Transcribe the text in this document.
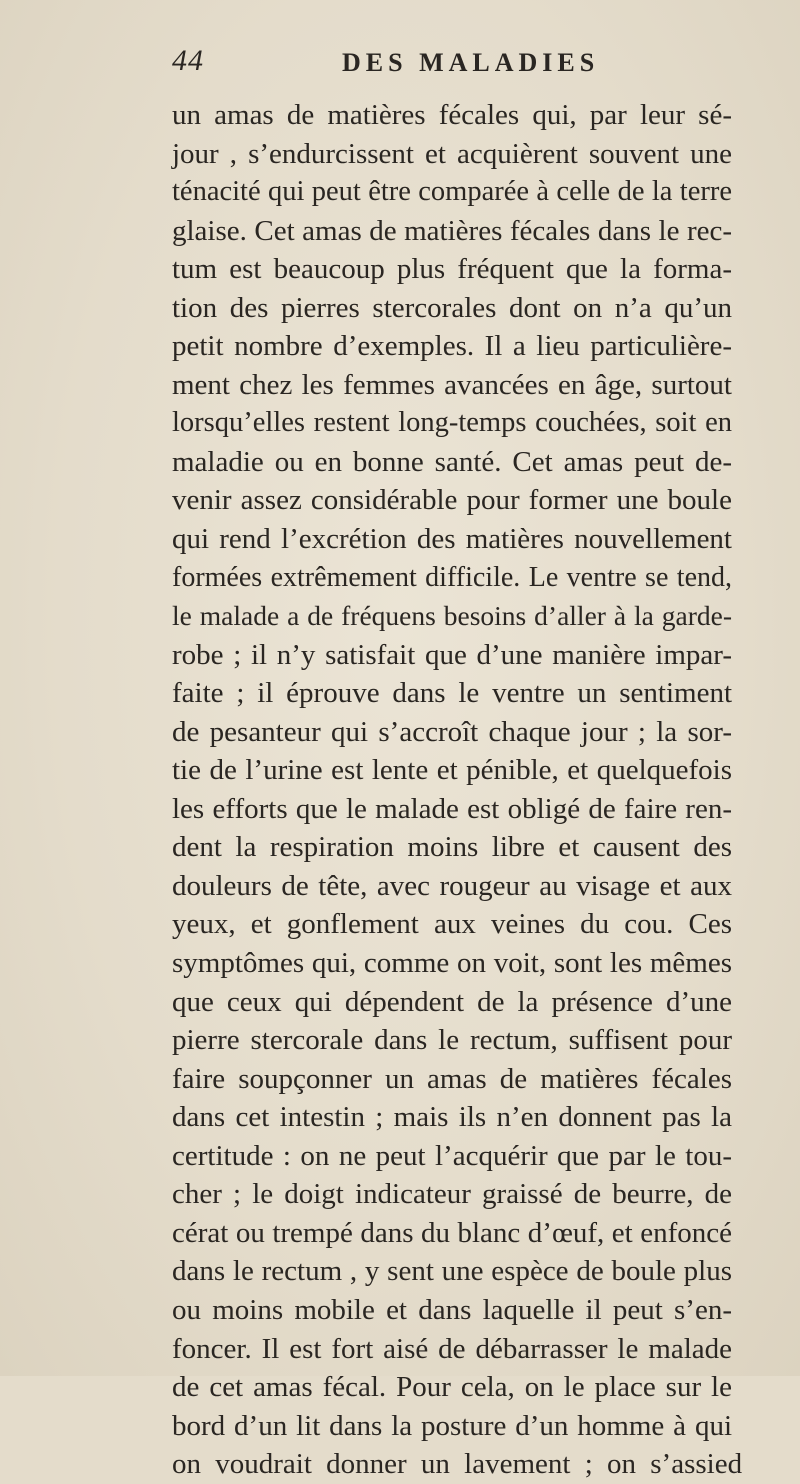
44	DES MALADIES
un amas de matières fécales qui, par leur sé-
jour , s’endurcissent et acquièrent souvent une
ténacité qui peut être comparée à celle de la terre
glaise. Cet amas de matières fécales dans le rec-
tum est beaucoup plus fréquent que la forma-
tion des pierres stercorales dont on n’a qu’un
petit nombre d’exemples. Il a lieu particulière-
ment chez les femmes avancées en âge, surtout
lorsqu’elles restent long-temps couchées, soit en
maladie ou en bonne santé. Cet amas peut de-
venir assez considérable pour former une boule
qui rend l’excrétion des matières nouvellement
formées extrêmement difficile. Le ventre se tend,
le malade a de fréquens besoins d’aller à la garde-
robe ; il n’y satisfait que d’une manière impar-
faite ; il éprouve dans le ventre un sentiment
de pesanteur qui s’accroît chaque jour ; la sor-
tie de l’urine est lente et pénible, et quelquefois
les efforts que le malade est obligé de faire ren-
dent la respiration moins libre et causent des
douleurs de tête, avec rougeur au visage et aux
yeux, et gonflement aux veines du cou. Ces
symptômes qui, comme on voit, sont les mêmes
que ceux qui dépendent de la présence d’une
pierre stercorale dans le rectum, suffisent pour
faire soupçonner un amas de matières fécales
dans cet intestin ; mais ils n’en donnent pas la
certitude : on ne peut l’acquérir que par le tou-
cher ; le doigt indicateur graissé de beurre, de
cérat ou trempé dans du blanc d’œuf, et enfoncé
dans le rectum , y sent une espèce de boule plus
ou moins mobile et dans laquelle il peut s’en-
foncer. Il est fort aisé de débarrasser le malade
de cet amas fécal. Pour cela, on le place sur le
bord d’un lit dans la posture d’un homme à qui
on voudrait donner un lavement ; on s’assied
